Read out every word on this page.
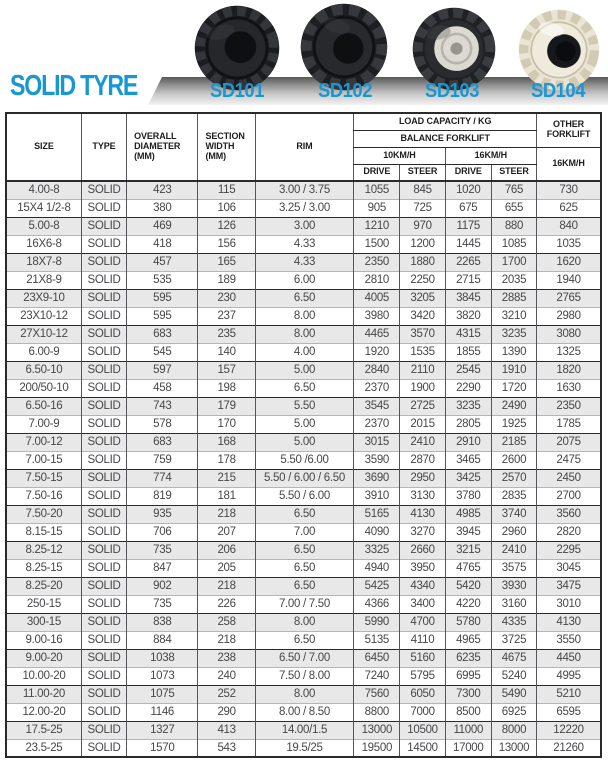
SOLID TYRE	SD101	SD102	SD103	SD104
SIZE	TYPE	OVERALL DIAMETER (MM)	SECTION WIDTH (MM)	RIM	LOAD CAPACITY / KG				OTHER FORKLIFT
					BALANCE FORKLIFT				
					10KM/H		16KM/H		16KM/H
					DRIVE	STEER	DRIVE	STEER	
4.00-8	SOLID	423	115	3.00 / 3.75	1055	845	1020	765	730
15X4 1/2-8	SOLID	380	106	3.25 / 3.00	905	725	675	655	625
5.00-8	SOLID	469	126	3.00	1210	970	1175	880	840
16X6-8	SOLID	418	156	4.33	1500	1200	1445	1085	1035
18X7-8	SOLID	457	165	4.33	2350	1880	2265	1700	1620
21X8-9	SOLID	535	189	6.00	2810	2250	2715	2035	1940
23X9-10	SOLID	595	230	6.50	4005	3205	3845	2885	2765
23X10-12	SOLID	595	237	8.00	3980	3420	3820	3210	2980
27X10-12	SOLID	683	235	8.00	4465	3570	4315	3235	3080
6.00-9	SOLID	545	140	4.00	1920	1535	1855	1390	1325
6.50-10	SOLID	597	157	5.00	2840	2110	2545	1910	1820
200/50-10	SOLID	458	198	6.50	2370	1900	2290	1720	1630
6.50-16	SOLID	743	179	5.50	3545	2725	3235	2490	2350
7.00-9	SOLID	578	170	5.00	2370	2015	2805	1925	1785
7.00-12	SOLID	683	168	5.00	3015	2410	2910	2185	2075
7.00-15	SOLID	759	178	5.50 /6.00	3590	2870	3465	2600	2475
7.50-15	SOLID	774	215	5.50 / 6.00 / 6.50	3690	2950	3425	2570	2450
7.50-16	SOLID	819	181	5.50 / 6.00	3910	3130	3780	2835	2700
7.50-20	SOLID	935	218	6.50	5165	4130	4985	3740	3560
8.15-15	SOLID	706	207	7.00	4090	3270	3945	2960	2820
8.25-12	SOLID	735	206	6.50	3325	2660	3215	2410	2295
8.25-15	SOLID	847	205	6.50	4940	3950	4765	3575	3045
8.25-20	SOLID	902	218	6.50	5425	4340	5420	3930	3475
250-15	SOLID	735	226	7.00 / 7.50	4366	3400	4220	3160	3010
300-15	SOLID	838	258	8.00	5990	4700	5780	4335	4130
9.00-16	SOLID	884	218	6.50	5135	4110	4965	3725	3550
9.00-20	SOLID	1038	238	6.50 / 7.00	6450	5160	6235	4675	4450
10.00-20	SOLID	1073	240	7.50 / 8.00	7240	5795	6995	5240	4995
11.00-20	SOLID	1075	252	8.00	7560	6050	7300	5490	5210
12.00-20	SOLID	1146	290	8.00 / 8.50	8800	7000	8500	6925	6595
17.5-25	SOLID	1327	413	14.00/1.5	13000	10500	11000	8000	12220
23.5-25	SOLID	1570	543	19.5/25	19500	14500	17000	13000	21260
